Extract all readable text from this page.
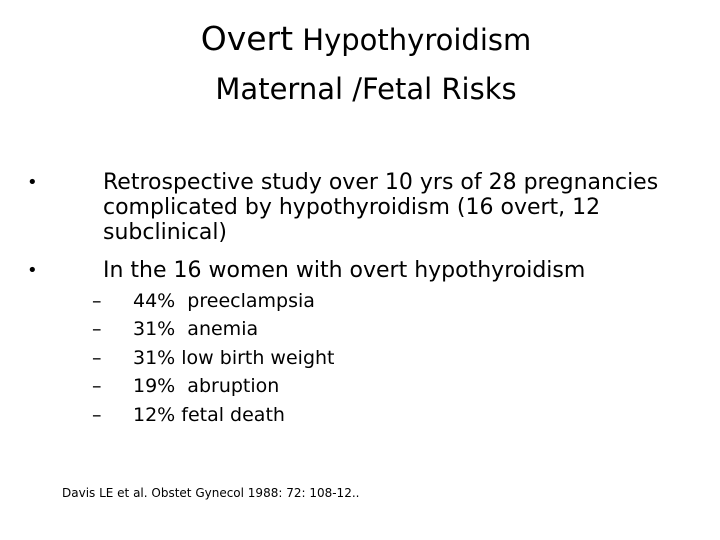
Overt Hypothyroidism
Maternal /Fetal Risks
•	Retrospective study over 10 yrs of 28 pregnancies complicated by hypothyroidism (16 overt, 12 subclinical)
•	In the 16 women with overt hypothyroidism
– 44%  preeclampsia
– 31%  anemia
– 31% low birth weight
– 19%  abruption
– 12% fetal death
Davis LE et al. Obstet Gynecol 1988: 72: 108-12..
